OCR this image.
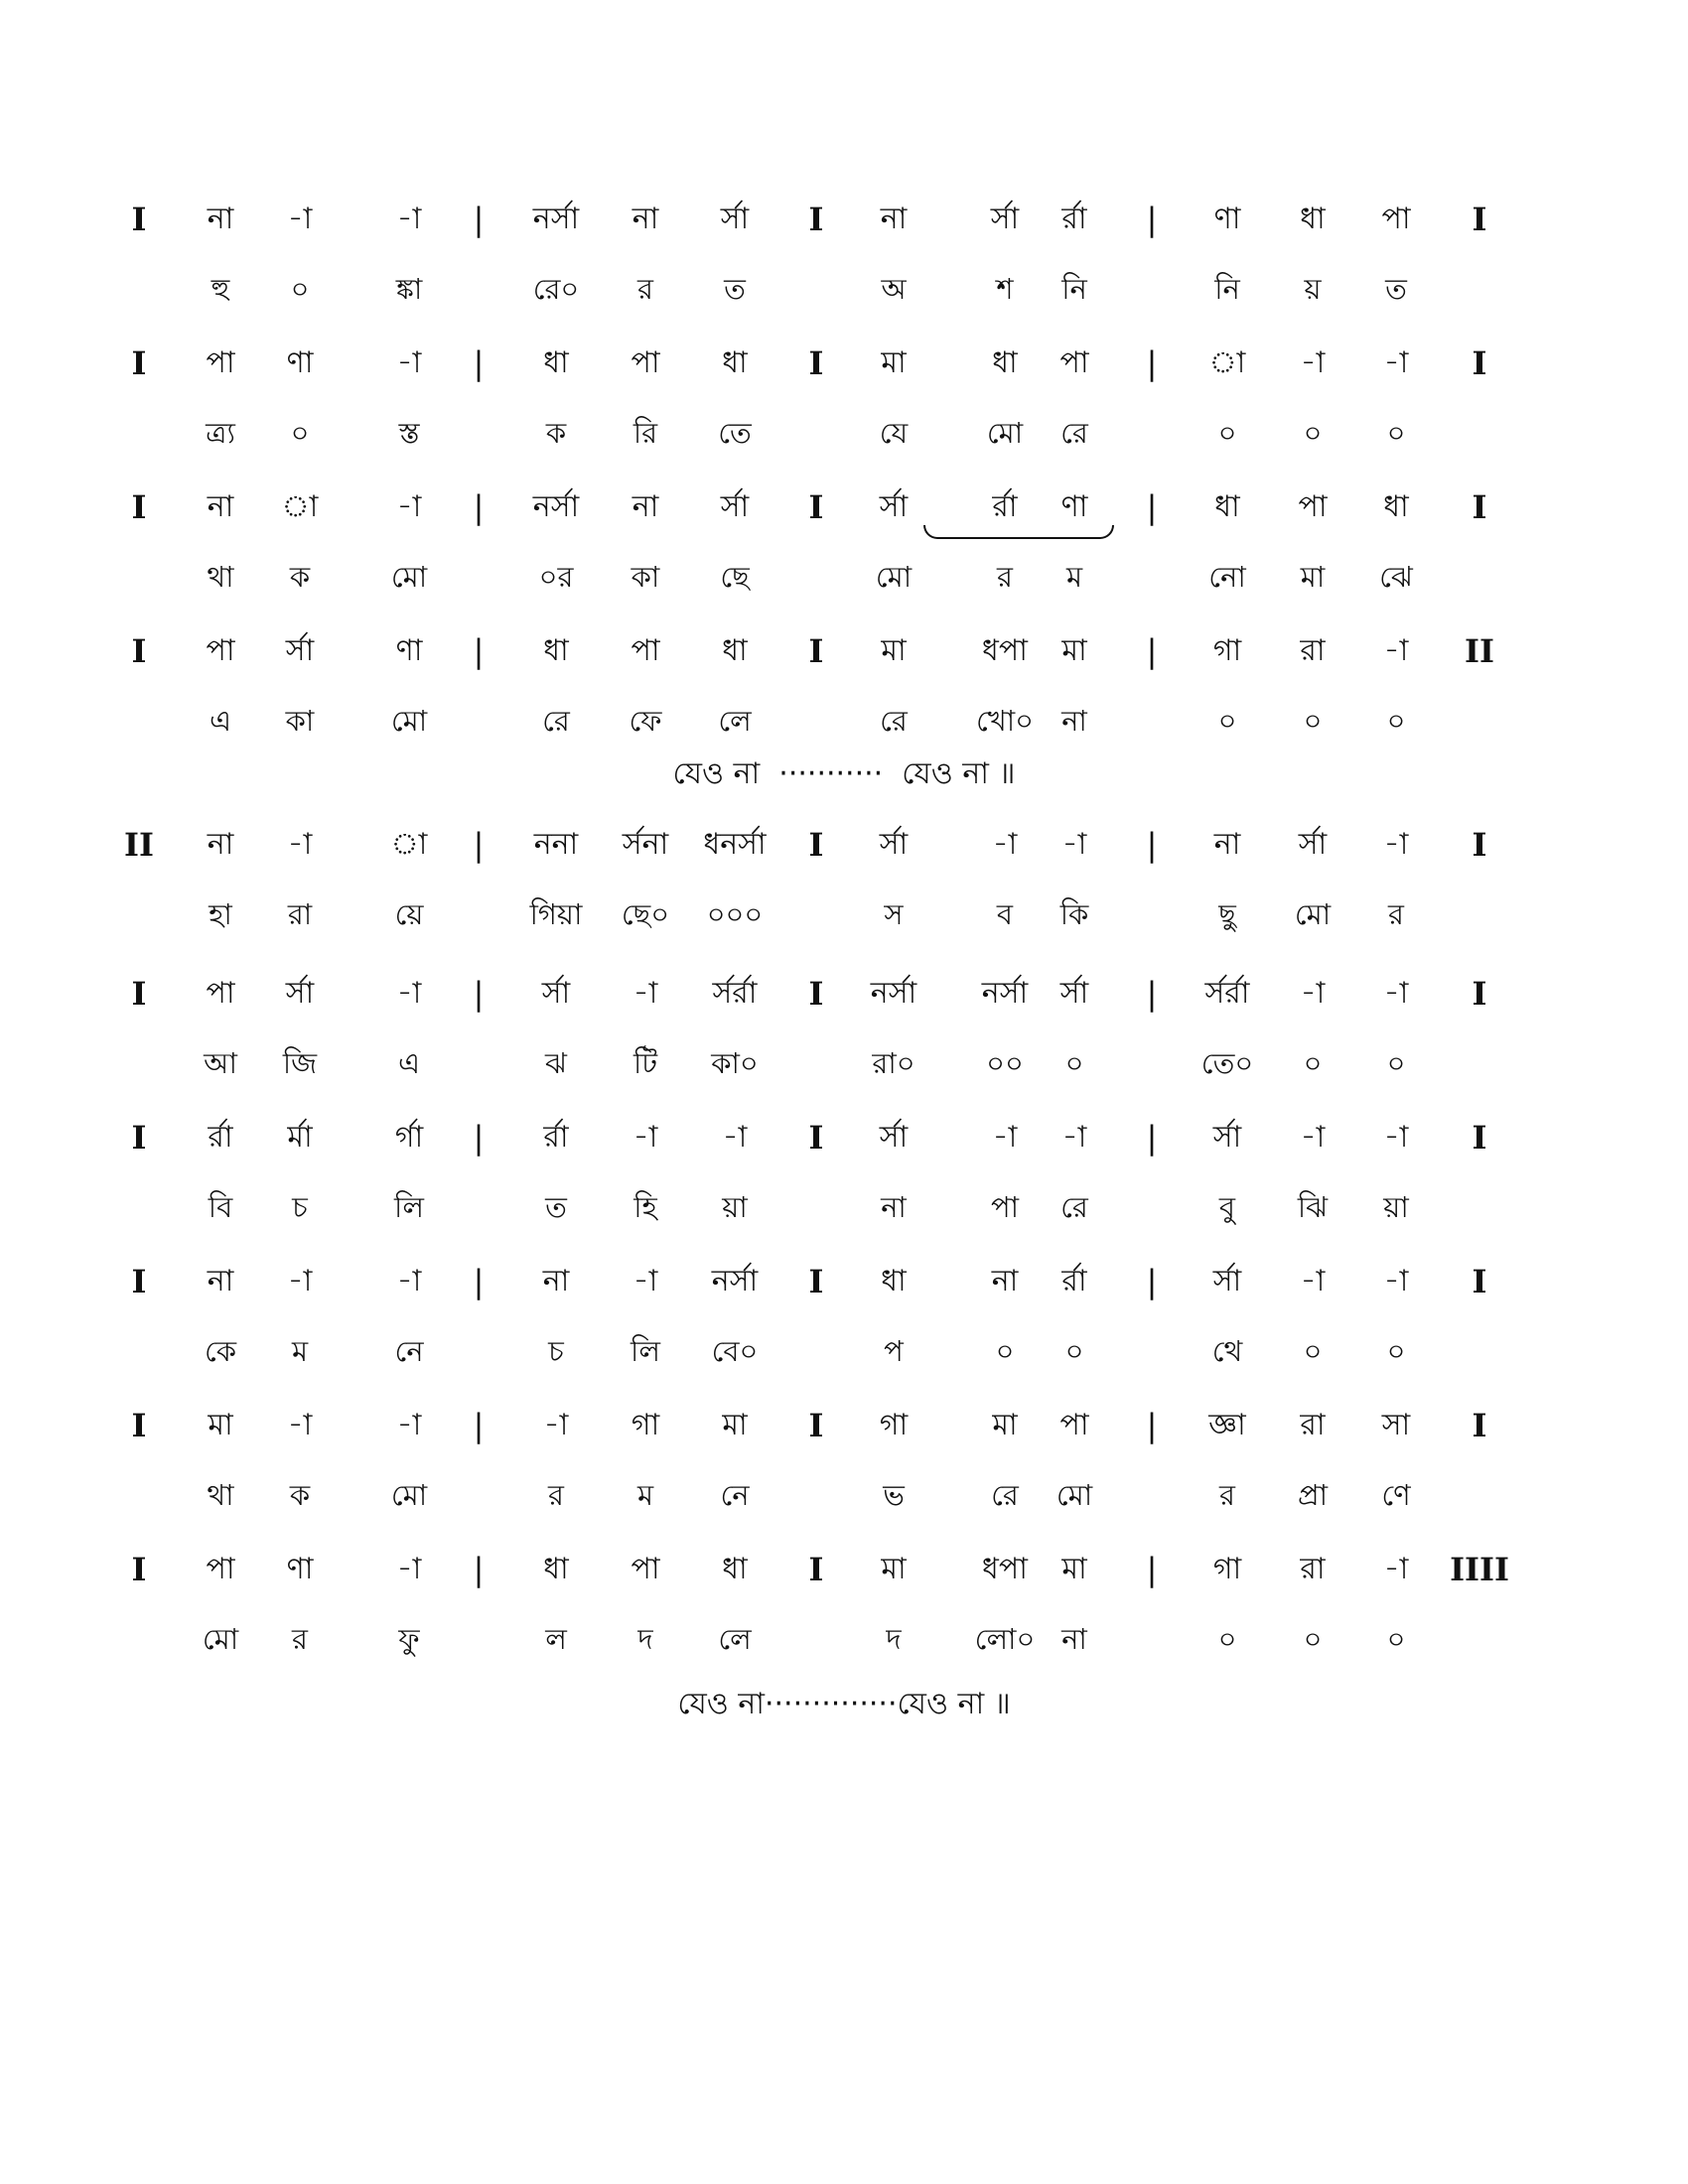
I	না	-া	-া	|	নর্সা	না	র্সা	I	না	র্সা	র্রা	|	ণা	ধা	পা	I
হু	০	ঙ্কা	রে০	র	ত	অ	শ	নি	নি	য়	ত
I	পা	ণা	-া	|	ধা	পা	ধা	I	মা	ধা	পা	|	া	-া	-া	I
ত্র্য	০	স্ত	ক	রি	তে	যে	মো	রে	০	০	০
I	না	া	-া	|	নর্সা	না	র্সা	I	র্সা	র্রা	ণা	|	ধা	পা	ধা	I
থা	ক	মো	০র	কা	ছে	মো	র	ম	নো	মা	ঝে
I	পা	র্সা	ণা	|	ধা	পা	ধা	I	মা	ধপা	মা	|	গা	রা	-া	II
এ	কা	মো	রে	ফে	লে	রে	খো০ না	০	০	০
II	না	-া	া	|	ননা	র্সনা	ধনর্সা	I	র্সা	-া	-া	|	না	র্সা	-া	I
হা	রা	য়ে	গিয়া	ছে০	০০০	স	ব	কি	ছু	মো	র
I	পা	র্সা	-া	|	র্সা	-া	র্সর্রা	I	নর্সা	নর্সা	র্সা	|	র্সর্রা	-া	-া	I
আ	জি	এ	ঝ	টি	কা০	রা০	০০	০	তে০	০	০
I	র্রা	র্মা	র্গা	|	র্রা	-া	-া	I	র্সা	-া	-া	|	র্সা	-া	-া	I
বি	চ	লি	ত	হি	য়া	না	পা	রে	বু	ঝি	য়া
I	না	-া	-া	|	না	-া	নর্সা	I	ধা	না	র্রা	|	র্সা	-া	-া	I
কে	ম	নে	চ	লি	বে০	প	০	০	থে	০	০
I	মা	-া	-া	|	-া	গা	মা	I	গা	মা	পা	|	জ্ঞা	রা	সা	I
থা	ক	মো	র	ম	নে	ভ	রে	মো	র	প্রা	ণে
I	পা	ণা	-া	|	ধা	পা	ধা	I	মা	ধপা	মা	|	গা	রা	-া	IIII
মো	র	ফু	ল	দ	লে	দ	লো০ না	০	০	০
যেও না  ···········  যেও না ॥
যেও না··············যেও না ॥
